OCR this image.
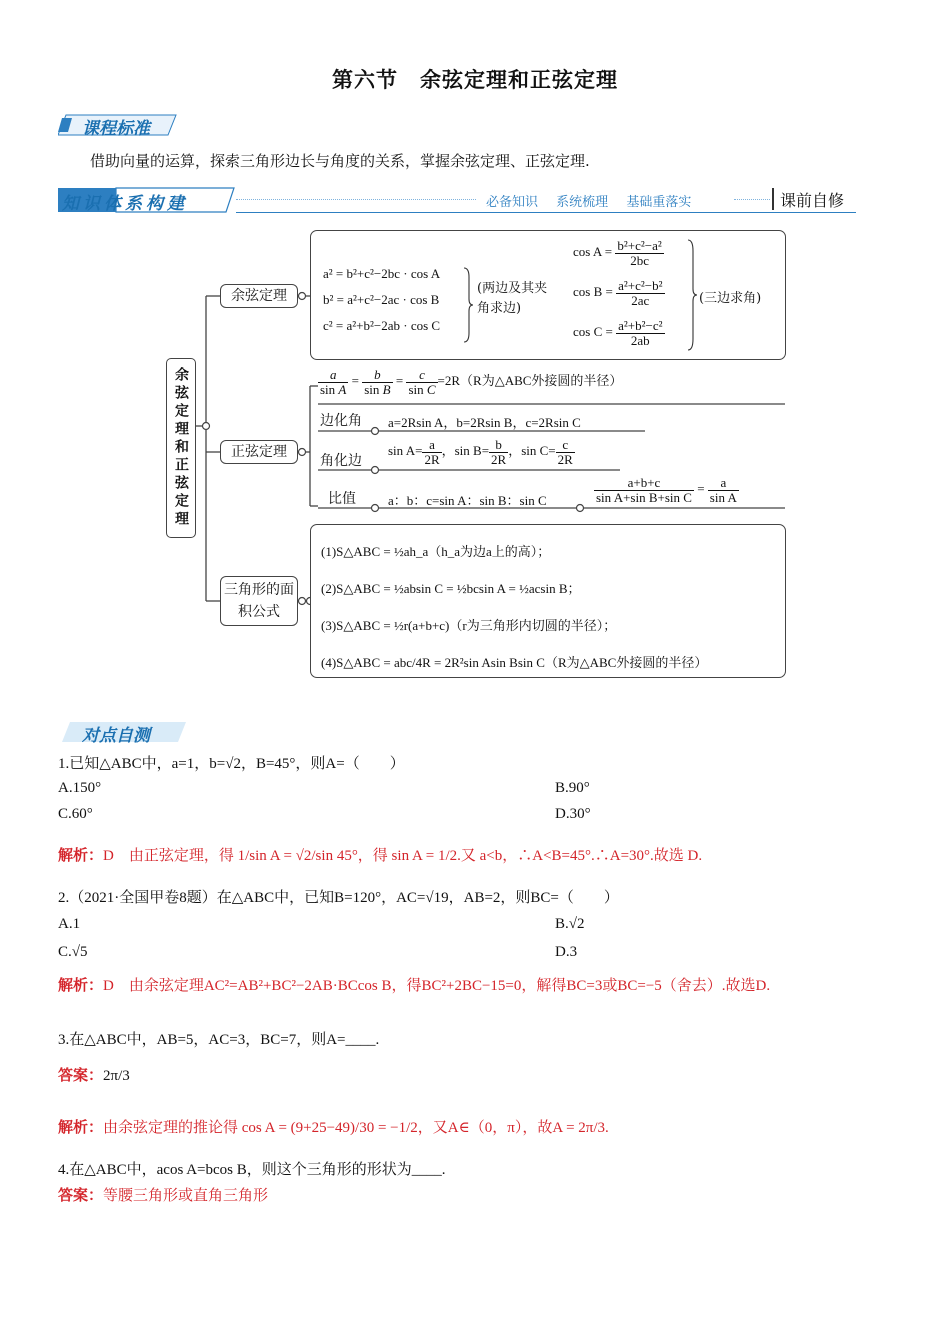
第六节　余弦定理和正弦定理
课程标准
借助向量的运算，探索三角形边长与角度的关系，掌握余弦定理、正弦定理.
知识体系构建	必备知识 系统梳理 基础重落实	课前自修
余弦定理和正弦定理
余弦定理
a² = b²+c²−2bc · cos A
b² = a²+c²−2ac · cos B
c² = a²+b²−2ab · cos C
(两边及其夹角求边)
$\cos A = \frac{\text{b²+c²−a²}}{2bc}$
$\cos B = \frac{\text{a²+c²−b²}}{2ac}$
$\cos C = \frac{\text{a²+b²−c²}}{2ab}$
(三边求角)
正弦定理
$\frac{a}{\text{sin A}} = \frac{b}{\text{sin B}} = \frac{c}{\text{sin C}} =2R(R$为△ABC外接圆的半径）
边化角 a=2Rsin A，b=2Rsin B，c=2Rsin C
角化边
$\sin A= \frac{a}{2R}$ ，$\sin B= \frac{b}{2R}$ ，$\sin C= \frac{c}{2R}$
比值 a：b：c=sin A：sin B：sin C	$\frac{a+b+c}{\text{sin A+sin B+sin C}} = \frac{a}{\text{sin A}}$
三角形的面积公式
(1)S△ABC = ½ah_a（h_a为边a上的高）；
(2)S△ABC = ½absin C = ½bcsin A = ½acsin B；
(3)S△ABC = ½r(a+b+c)（r为三角形内切圆的半径）；
(4)S△ABC = abc/4R = 2R²sin Asin Bsin C（R为△ABC外接圆的半径）
对点自测
1.已知△ABC中，a=1，b=√2，B=45°，则A=（　　）
A.150°	B.90°
C.60°	D.30°
解析：D　由正弦定理，得 1/sin A = √2/sin 45°，得 sin A = 1/2.又 a<b，∴A<B=45°.∴A=30°.故选 D.
2.（2021·全国甲卷8题）在△ABC中，已知B=120°，AC=√19，AB=2，则BC=（　　）
A.1	B.√2
C.√5	D.3
解析：D　由余弦定理AC²=AB²+BC²−2AB·BCcos B，得BC²+2BC−15=0，解得BC=3或BC=−5（舍去）.故选D.
3.在△ABC中，AB=5，AC=3，BC=7，则A=____.
答案：2π/3
解析：由余弦定理的推论得 cos A = (9+25−49)/30 = −1/2，又A∈（0，π），故A = 2π/3.
4.在△ABC中，acos A=bcos B，则这个三角形的形状为____.
答案：等腰三角形或直角三角形
